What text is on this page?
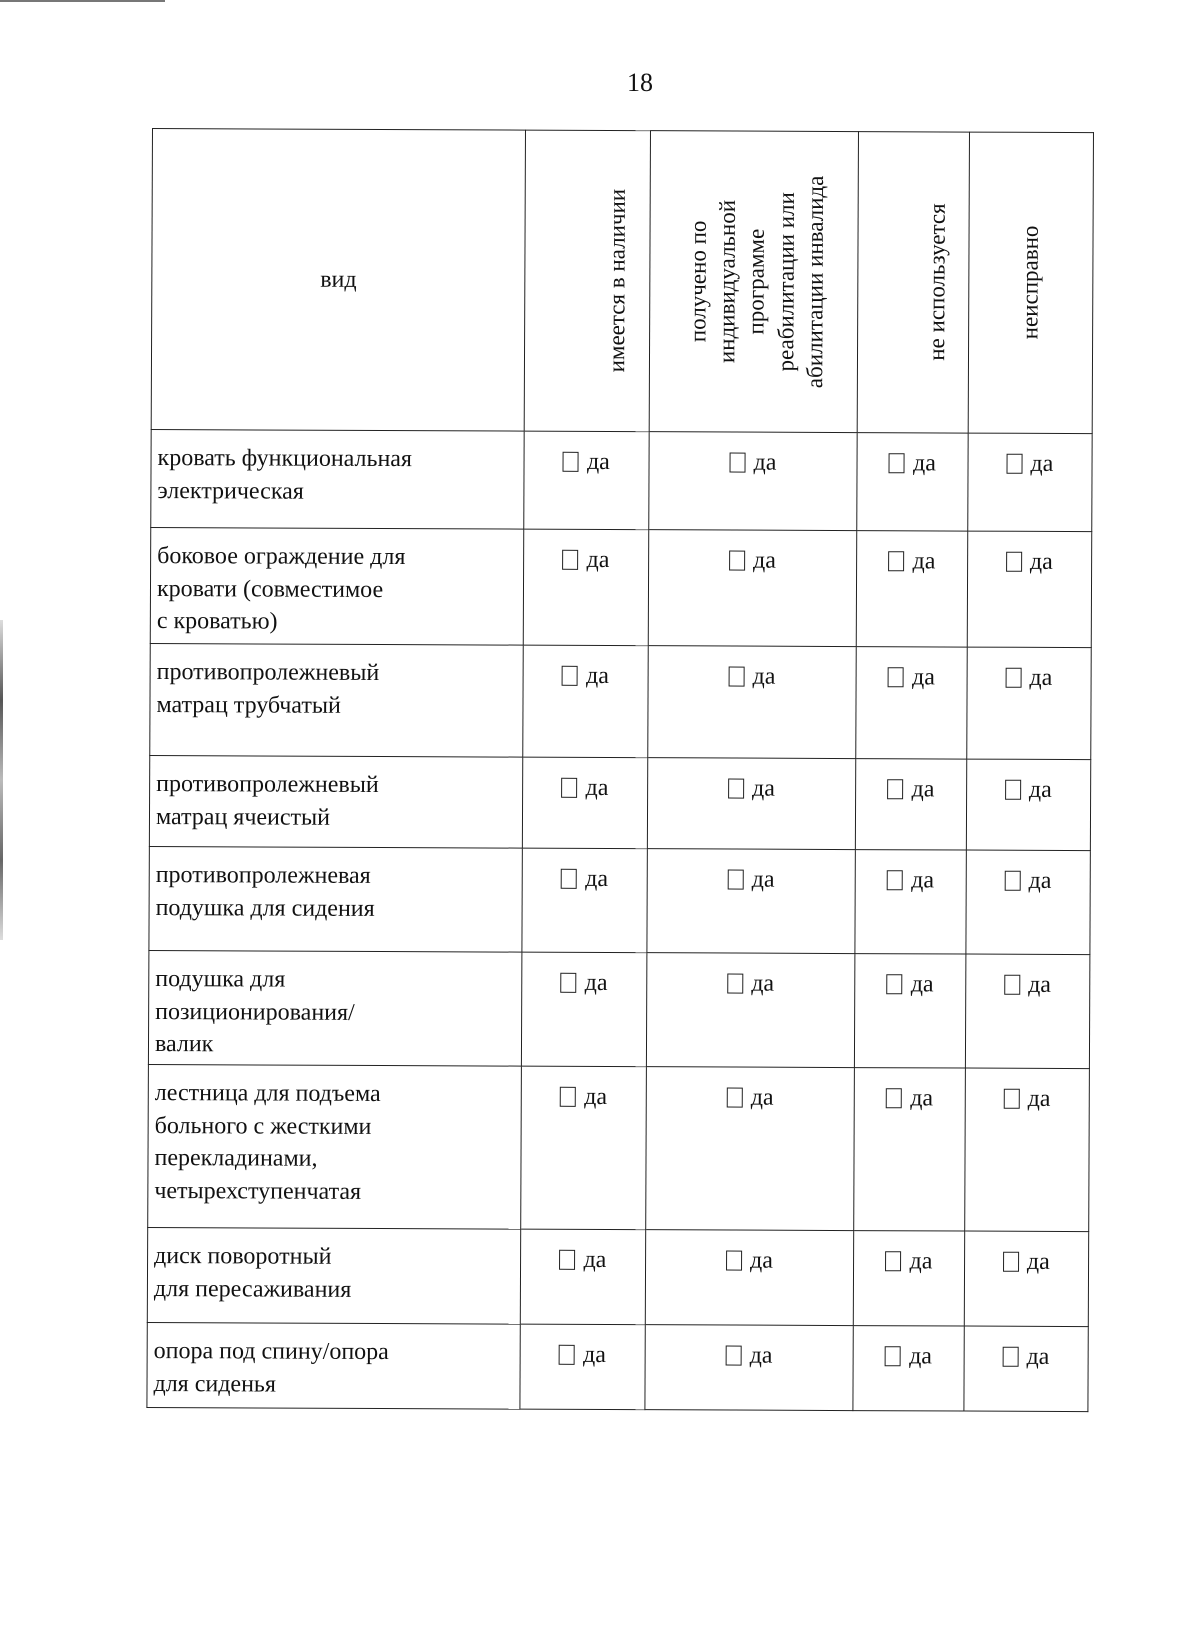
18
вид	имеется в наличии	получено по индивидуальной программе реабилитации или абилитации инвалида	не используется	неисправно
кровать функциональная
электрическая	да	да	да	да

боковое ограждение для
кровати (совместимое
с кроватью)	да	да	да	да

противопролежневый
матрац трубчатый	да	да	да	да

противопролежневый
матрац ячеистый	да	да	да	да

противопролежневая
подушка для сидения	да	да	да	да

подушка для
позиционирования/
валик	да	да	да	да

лестница для подъема
больного с жесткими
перекладинами,
четырехступенчатая	да	да	да	да

диск поворотный
для пересаживания	да	да	да	да

опора под спину/опора
для сиденья	да	да	да	да
